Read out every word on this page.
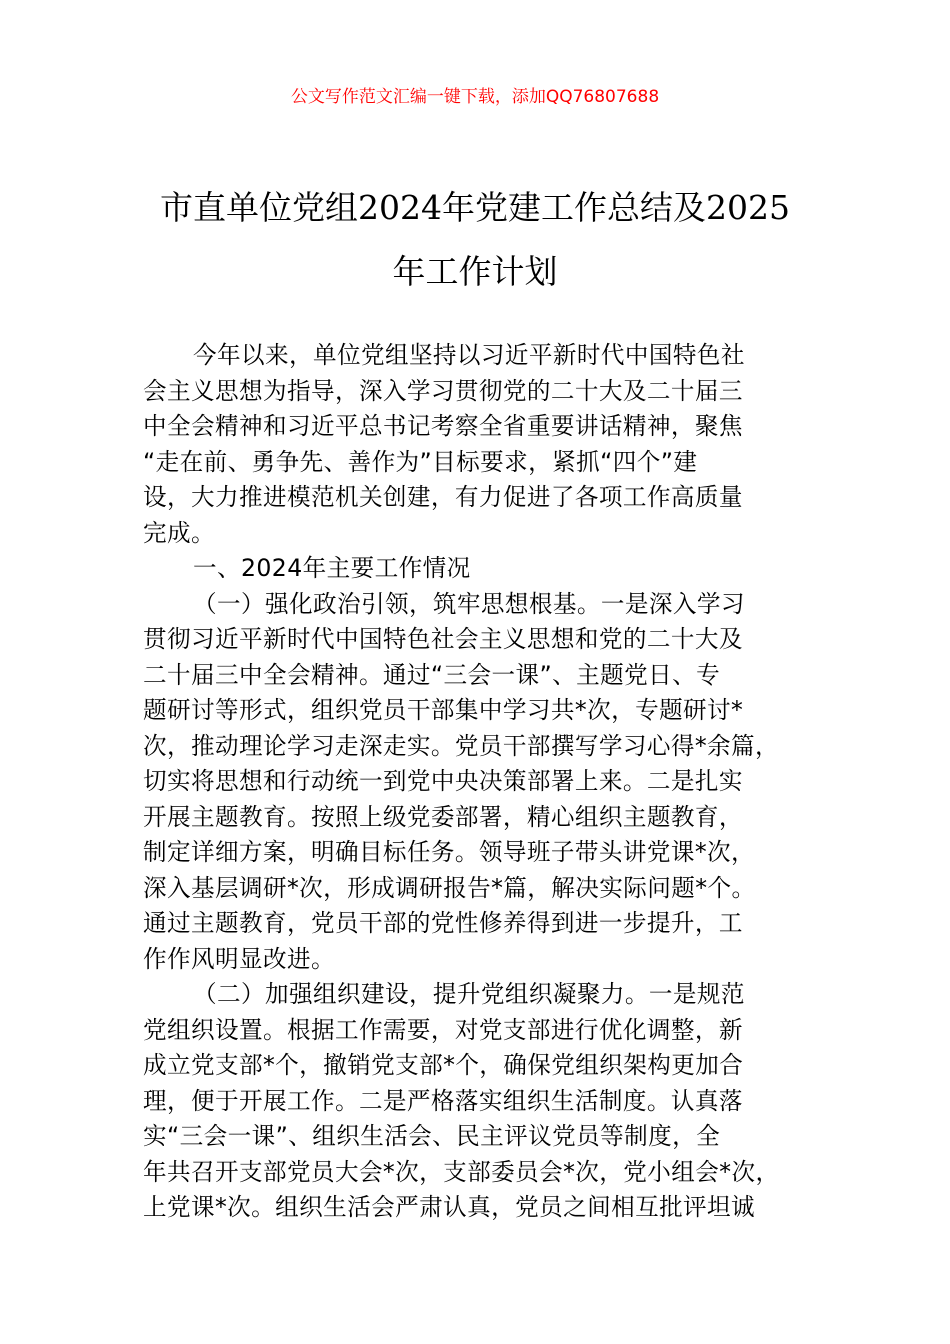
公文写作范文汇编一键下载，添加QQ76807688
市直单位党组2024年党建工作总结及2025
年工作计划
今年以来，单位党组坚持以习近平新时代中国特色社
会主义思想为指导，深入学习贯彻党的二十大及二十届三
中全会精神和习近平总书记考察全省重要讲话精神，聚焦
“走在前、勇争先、善作为”目标要求，紧抓“四个”建
设，大力推进模范机关创建，有力促进了各项工作高质量
完成。
一、2024年主要工作情况
（一）强化政治引领，筑牢思想根基。一是深入学习
贯彻习近平新时代中国特色社会主义思想和党的二十大及
二十届三中全会精神。通过“三会一课”、主题党日、专
题研讨等形式，组织党员干部集中学习共*次，专题研讨*
次，推动理论学习走深走实。党员干部撰写学习心得*余篇，
切实将思想和行动统一到党中央决策部署上来。二是扎实
开展主题教育。按照上级党委部署，精心组织主题教育，
制定详细方案，明确目标任务。领导班子带头讲党课*次，
深入基层调研*次，形成调研报告*篇，解决实际问题*个。
通过主题教育，党员干部的党性修养得到进一步提升，工
作作风明显改进。
（二）加强组织建设，提升党组织凝聚力。一是规范
党组织设置。根据工作需要，对党支部进行优化调整，新
成立党支部*个，撤销党支部*个，确保党组织架构更加合
理，便于开展工作。二是严格落实组织生活制度。认真落
实“三会一课”、组织生活会、民主评议党员等制度，全
年共召开支部党员大会*次，支部委员会*次，党小组会*次，
上党课*次。组织生活会严肃认真，党员之间相互批评坦诚
